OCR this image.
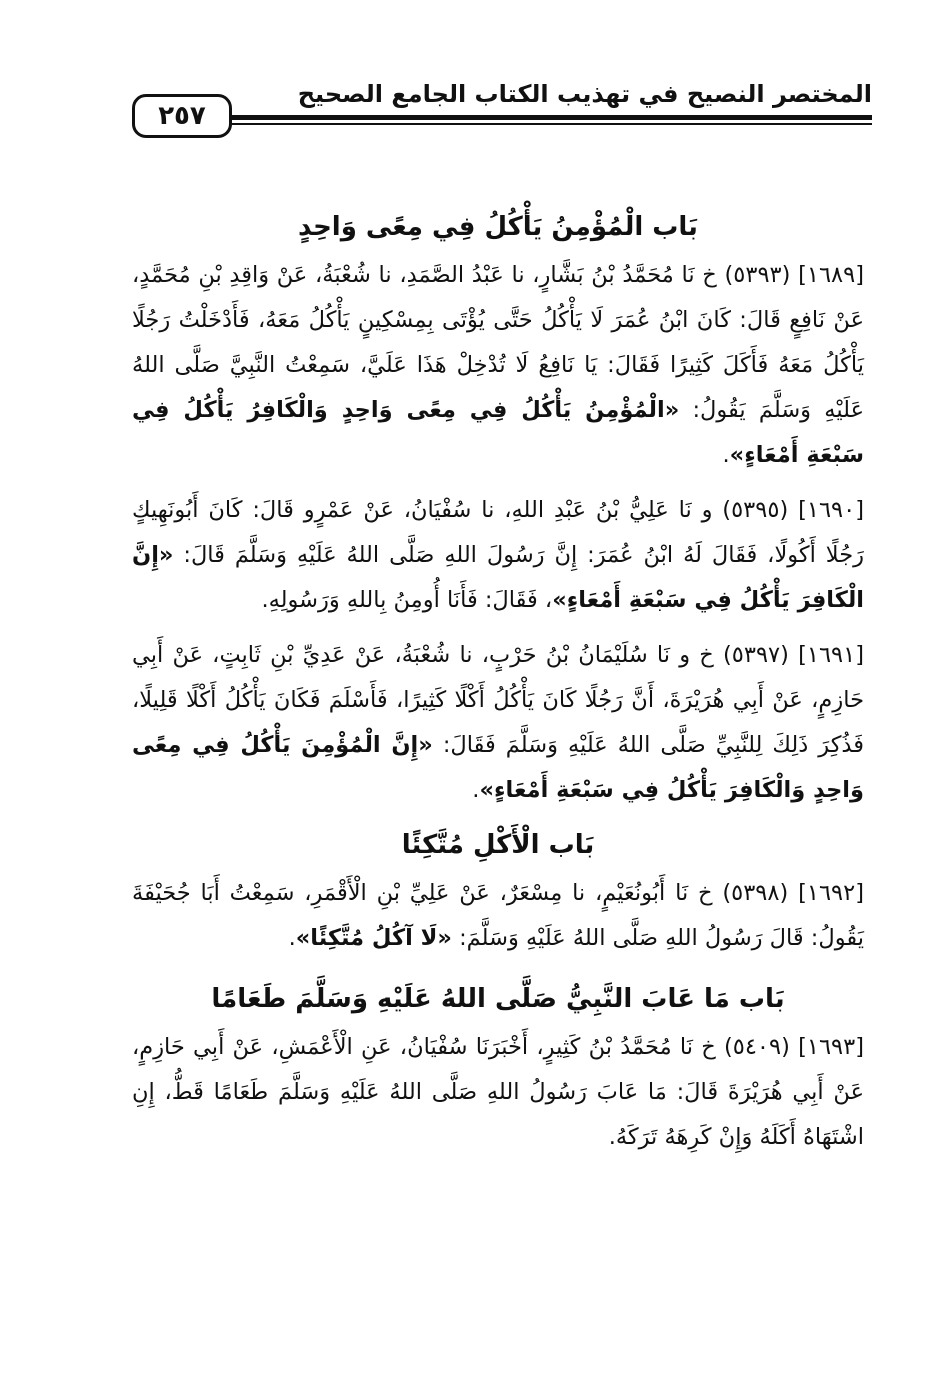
المختصر النصيح في تهذيب الكتاب الجامع الصحيح
٢٥٧
بَاب الْمُؤْمِنُ يَأْكُلُ فِي مِعًى وَاحِدٍ

[١٦٨٩] (٥٣٩٣) خ نَا مُحَمَّدُ بْنُ بَشَّارٍ، نا عَبْدُ الصَّمَدِ، نا شُعْبَةُ، عَنْ وَاقِدِ بْنِ مُحَمَّدٍ، عَنْ نَافِعٍ قَالَ: كَانَ ابْنُ عُمَرَ لَا يَأْكُلُ حَتَّى يُؤْتَى بِمِسْكِينٍ يَأْكُلُ مَعَهُ، فَأَدْخَلْتُ رَجُلًا يَأْكُلُ مَعَهُ فَأَكَلَ كَثِيرًا فَقَالَ: يَا نَافِعُ لَا تُدْخِلْ هَذَا عَلَيَّ، سَمِعْتُ النَّبِيَّ صَلَّى اللهُ عَلَيْهِ وَسَلَّمَ يَقُولُ: «الْمُؤْمِنُ يَأْكُلُ فِي مِعًى وَاحِدٍ وَالْكَافِرُ يَأْكُلُ فِي سَبْعَةِ أَمْعَاءٍ».

[١٦٩٠] (٥٣٩٥) و نَا عَلِيُّ بْنُ عَبْدِ اللهِ، نا سُفْيَانُ، عَنْ عَمْرٍو قَالَ: كَانَ أَبُونَهِيكٍ رَجُلًا أَكُولًا، فَقَالَ لَهُ ابْنُ عُمَرَ: إِنَّ رَسُولَ اللهِ صَلَّى اللهُ عَلَيْهِ وَسَلَّمَ قَالَ: «إِنَّ الْكَافِرَ يَأْكُلُ فِي سَبْعَةِ أَمْعَاءٍ»، فَقَالَ: فَأَنَا أُومِنُ بِاللهِ وَرَسُولِهِ.

[١٦٩١] (٥٣٩٧) خ و نَا سُلَيْمَانُ بْنُ حَرْبٍ، نا شُعْبَةُ، عَنْ عَدِيِّ بْنِ ثَابِتٍ، عَنْ أَبِي حَازِمٍ، عَنْ أَبِي هُرَيْرَةَ، أَنَّ رَجُلًا كَانَ يَأْكُلُ أَكْلًا كَثِيرًا، فَأَسْلَمَ فَكَانَ يَأْكُلُ أَكْلًا قَلِيلًا، فَذُكِرَ ذَلِكَ لِلنَّبِيِّ صَلَّى اللهُ عَلَيْهِ وَسَلَّمَ فَقَالَ: «إِنَّ الْمُؤْمِنَ يَأْكُلُ فِي مِعًى وَاحِدٍ وَالْكَافِرَ يَأْكُلُ فِي سَبْعَةِ أَمْعَاءٍ».

بَاب الْأَكْلِ مُتَّكِئًا

[١٦٩٢] (٥٣٩٨) خ نَا أَبُونُعَيْمٍ، نا مِسْعَرٌ، عَنْ عَلِيِّ بْنِ الْأَقْمَرِ، سَمِعْتُ أَبَا جُحَيْفَةَ يَقُولُ: قَالَ رَسُولُ اللهِ صَلَّى اللهُ عَلَيْهِ وَسَلَّمَ: «لَا آكُلُ مُتَّكِئًا».

بَاب مَا عَابَ النَّبِيُّ صَلَّى اللهُ عَلَيْهِ وَسَلَّمَ طَعَامًا

[١٦٩٣] (٥٤٠٩) خ نَا مُحَمَّدُ بْنُ كَثِيرٍ، أَخْبَرَنَا سُفْيَانُ، عَنِ الْأَعْمَشِ، عَنْ أَبِي حَازِمٍ، عَنْ أَبِي هُرَيْرَةَ قَالَ: مَا عَابَ رَسُولُ اللهِ صَلَّى اللهُ عَلَيْهِ وَسَلَّمَ طَعَامًا قَطُّ، إِنِ اشْتَهَاهُ أَكَلَهُ وَإِنْ كَرِهَهُ تَرَكَهُ.
